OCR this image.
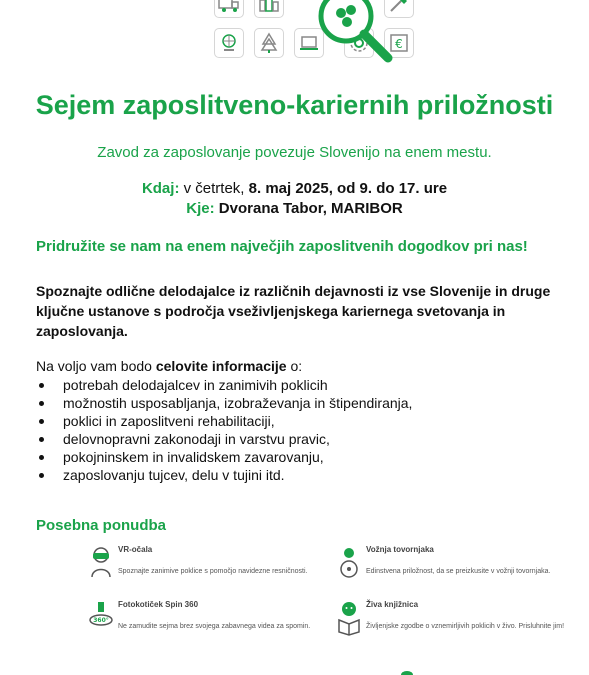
€
Sejem zaposlitveno-kariernih priložnosti
Zavod za zaposlovanje povezuje Slovenijo na enem mestu.
Kdaj: v četrtek, 8. maj 2025, od 9. do 17. ure
Kje: Dvorana Tabor, MARIBOR
Pridružite se nam na enem največjih zaposlitvenih dogodkov pri nas!
Spoznajte odlične delodajalce iz različnih dejavnosti iz vse Slovenije in druge ključne ustanove s področja vseživljenjskega kariernega svetovanja in zaposlovanja.
Na voljo vam bodo celovite informacije o:
potrebah delodajalcev in zanimivih poklicih
možnostih usposabljanja, izobraževanja in štipendiranja,
poklici in zaposlitveni rehabilitaciji,
delovnopravni zakonodaji in varstvu pravic,
pokojninskem in invalidskem zavarovanju,
zaposlovanju tujcev, delu v tujini itd.
Posebna ponudba
VR-očala
Spoznajte zanimive poklice s pomočjo navidezne resničnosti.
Vožnja tovornjaka
Edinstvena priložnost, da se preizkusite v vožnji tovornjaka.
360°
Fotokotiček Spin 360
Ne zamudite sejma brez svojega zabavnega videa za spomin.
Živa knjižnica
Življenjske zgodbe o vznemirljivih poklicih v živo. Prisluhnite jim!
